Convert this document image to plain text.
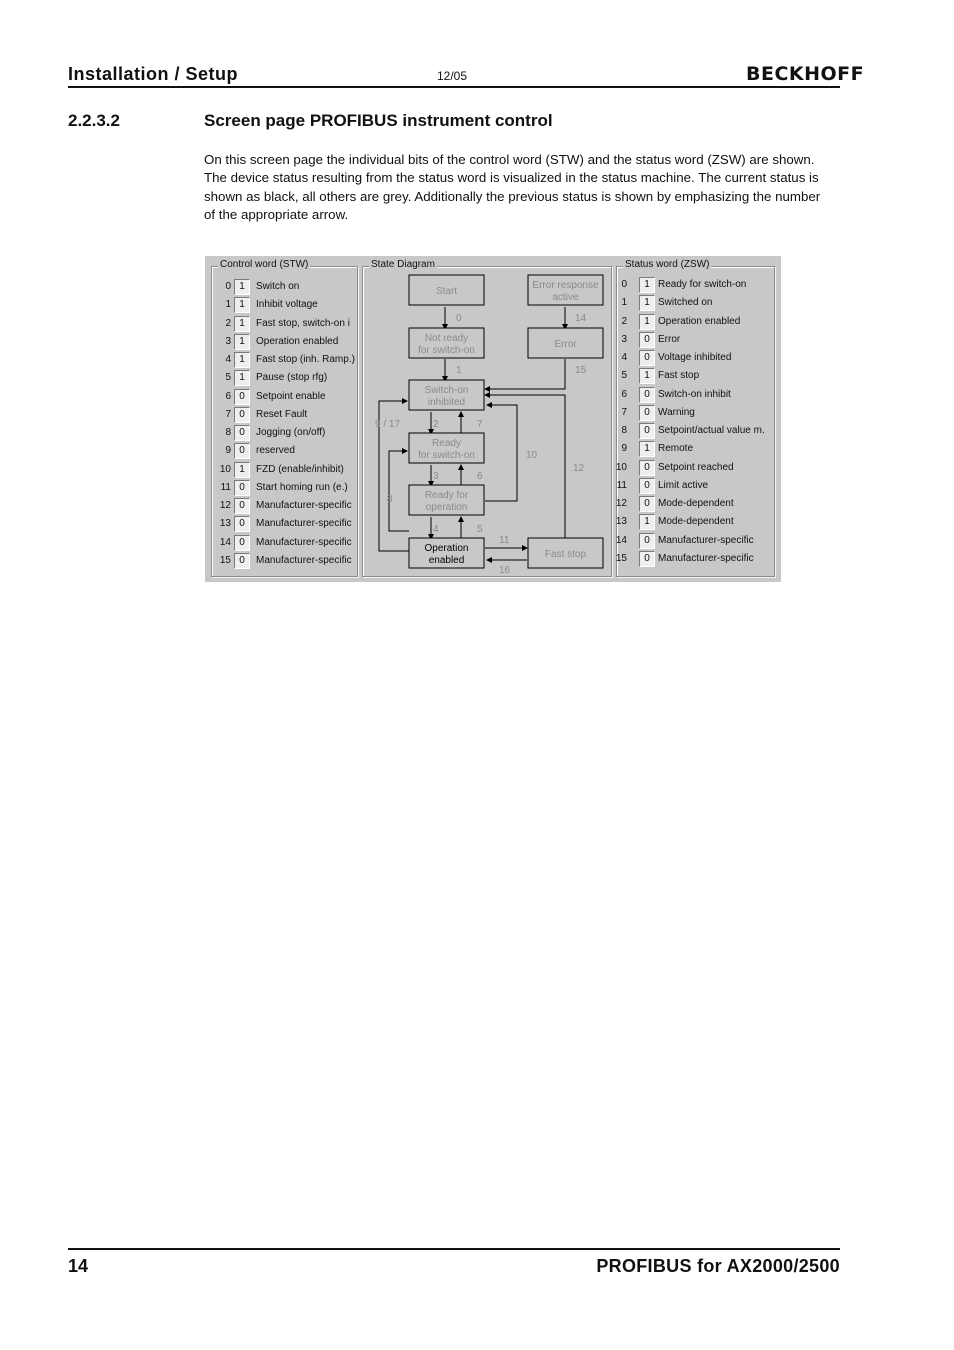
Installation / Setup	12/05	BECKHOFF
2.2.3.2	Screen page PROFIBUS instrument control
On this screen page the individual bits of the control word (STW) and the status word (ZSW) are shown. The device status resulting from the status word is visualized in the status machine. The current status is shown as black, all others are grey. Additionally the previous status is shown by emphasizing the number of the appropriate arrow.
Control word (STW)
0 1	Switch on
1 1	Inhibit voltage
2 1	Fast stop, switch-on i
3 1	Operation enabled
4 1	Fast stop (inh. Ramp.)
5 1	Pause (stop rfg)
6 0	Setpoint enable
7 0	Reset Fault
8 0	Jogging (on/off)
9 0	reserved
10 1	FZD (enable/inhibit)
11 0	Start homing run (e.)
12 0	Manufacturer-specific
13 0	Manufacturer-specific
14 0	Manufacturer-specific
15 0	Manufacturer-specific
State Diagram
Start
Error response
active
Not ready
for switch-on
Error
Switch-on
inhibited
Ready
for switch-on
Ready for
operation
Operation
enabled
Fast stop
0	14
1	15
2	7
9 / 17
3	6
10
8
12
4	5
11
16
Status word (ZSW)
0	1 Ready for switch-on
1	1 Switched on
2	1 Operation enabled
3	0 Error
4	0 Voltage inhibited
5	1 Fast stop
6	0 Switch-on inhibit
7	0 Warning
8	0 Setpoint/actual value m.
9	1 Remote
10	0 Setpoint reached
11	0 Limit active
12	0 Mode-dependent
13	1 Mode-dependent
14	0 Manufacturer-specific
15	0 Manufacturer-specific
14	PROFIBUS for AX2000/2500
